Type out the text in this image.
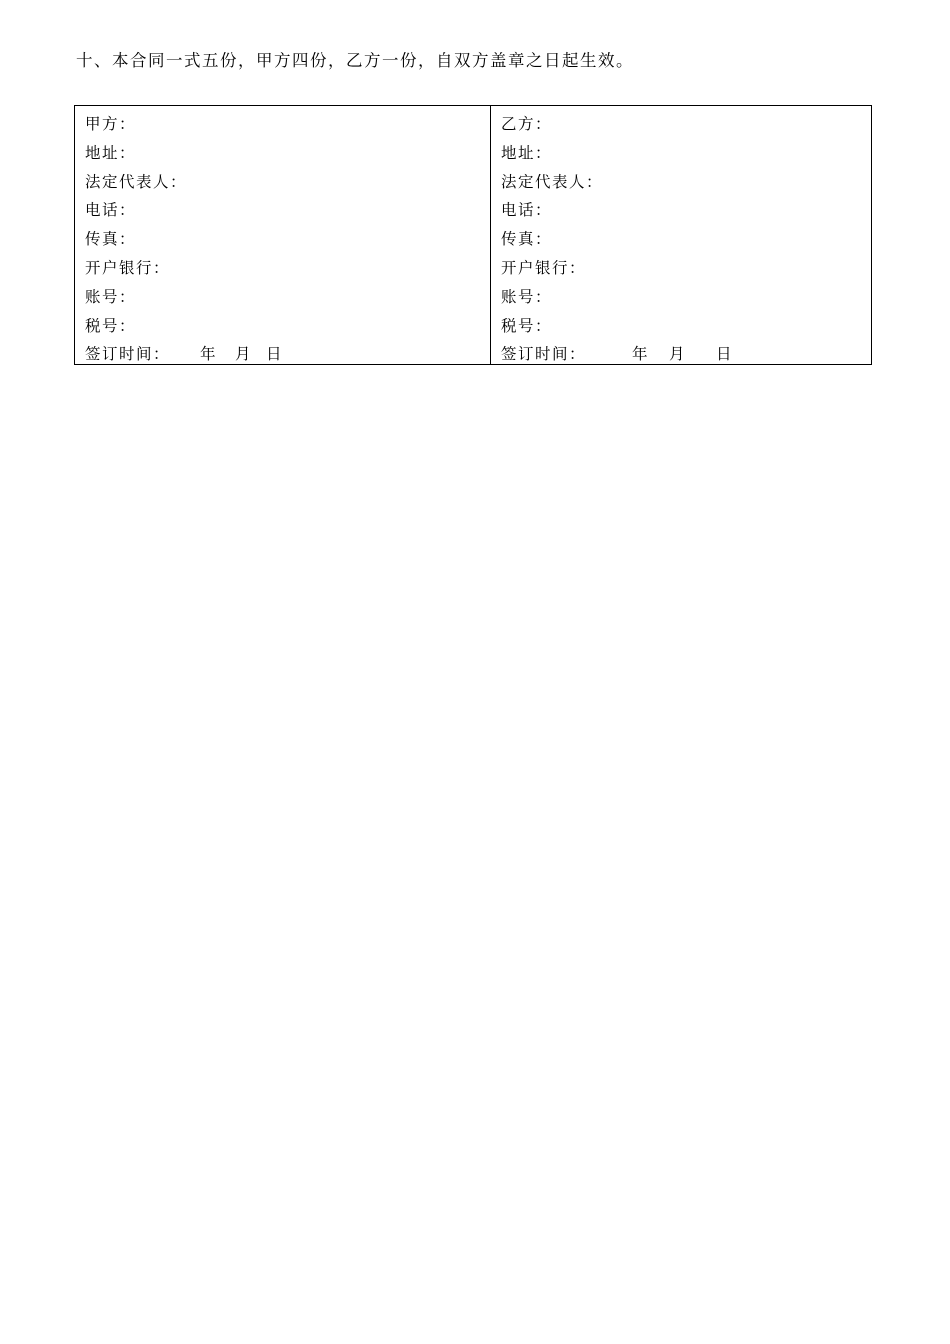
十、本合同一式五份，甲方四份，乙方一份，自双方盖章之日起生效。
甲方：
地址：
法定代表人：
电话：
传真：
开户银行：
账号：
税号：
签订时间： 年 月 日
乙方：
地址：
法定代表人：
电话：
传真：
开户银行：
账号：
税号：
签订时间：	年 月 日
